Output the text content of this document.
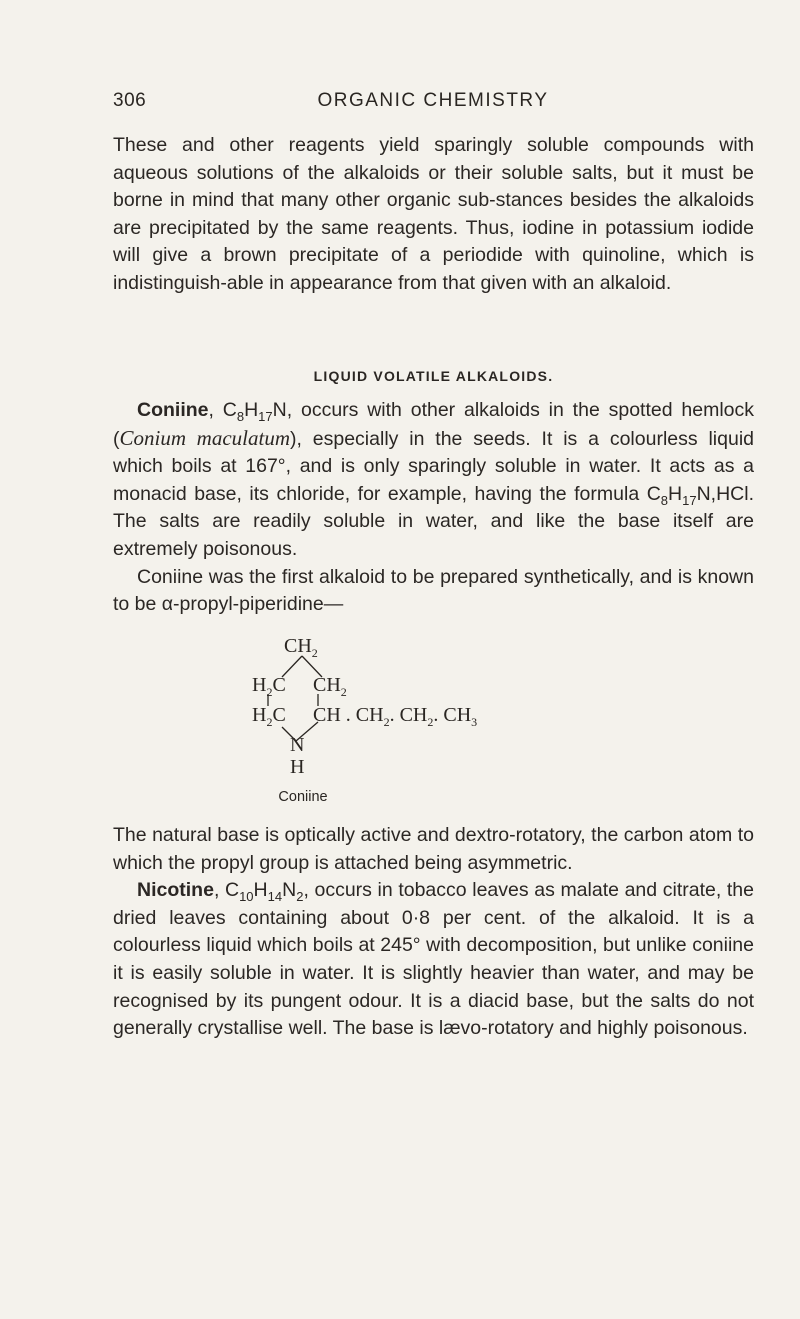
306	ORGANIC CHEMISTRY

These and other reagents yield sparingly soluble compounds with aqueous solutions of the alkaloids or their soluble salts, but it must be borne in mind that many other organic sub-stances besides the alkaloids are precipitated by the same reagents. Thus, iodine in potassium iodide will give a brown precipitate of a periodide with quinoline, which is indistinguish-able in appearance from that given with an alkaloid.

LIQUID VOLATILE ALKALOIDS.

Coniine, $C_8H_{17}N$, occurs with other alkaloids in the spotted hemlock (Conium maculatum), especially in the seeds. It is a colourless liquid which boils at 167°, and is only sparingly soluble in water. It acts as a monacid base, its chloride, for example, having the formula $C_8H_{17}N,HCl$. The salts are readily soluble in water, and like the base itself are extremely poisonous.

Coniine was the first alkaloid to be prepared synthetically, and is known to be α-propyl-piperidine—

$CH_2$
$H_2C$ $CH_2$
$H_2C$ CH . $CH_2$. $CH_2$. $CH_3$
N
H
Coniine

The natural base is optically active and dextro-rotatory, the carbon atom to which the propyl group is attached being asymmetric.

Nicotine, $C_{10}H_{14}N_2$, occurs in tobacco leaves as malate and citrate, the dried leaves containing about 0·8 per cent. of the alkaloid. It is a colourless liquid which boils at 245° with decomposition, but unlike coniine it is easily soluble in water. It is slightly heavier than water, and may be recognised by its pungent odour. It is a diacid base, but the salts do not generally crystallise well. The base is lævo-rotatory and highly poisonous.
